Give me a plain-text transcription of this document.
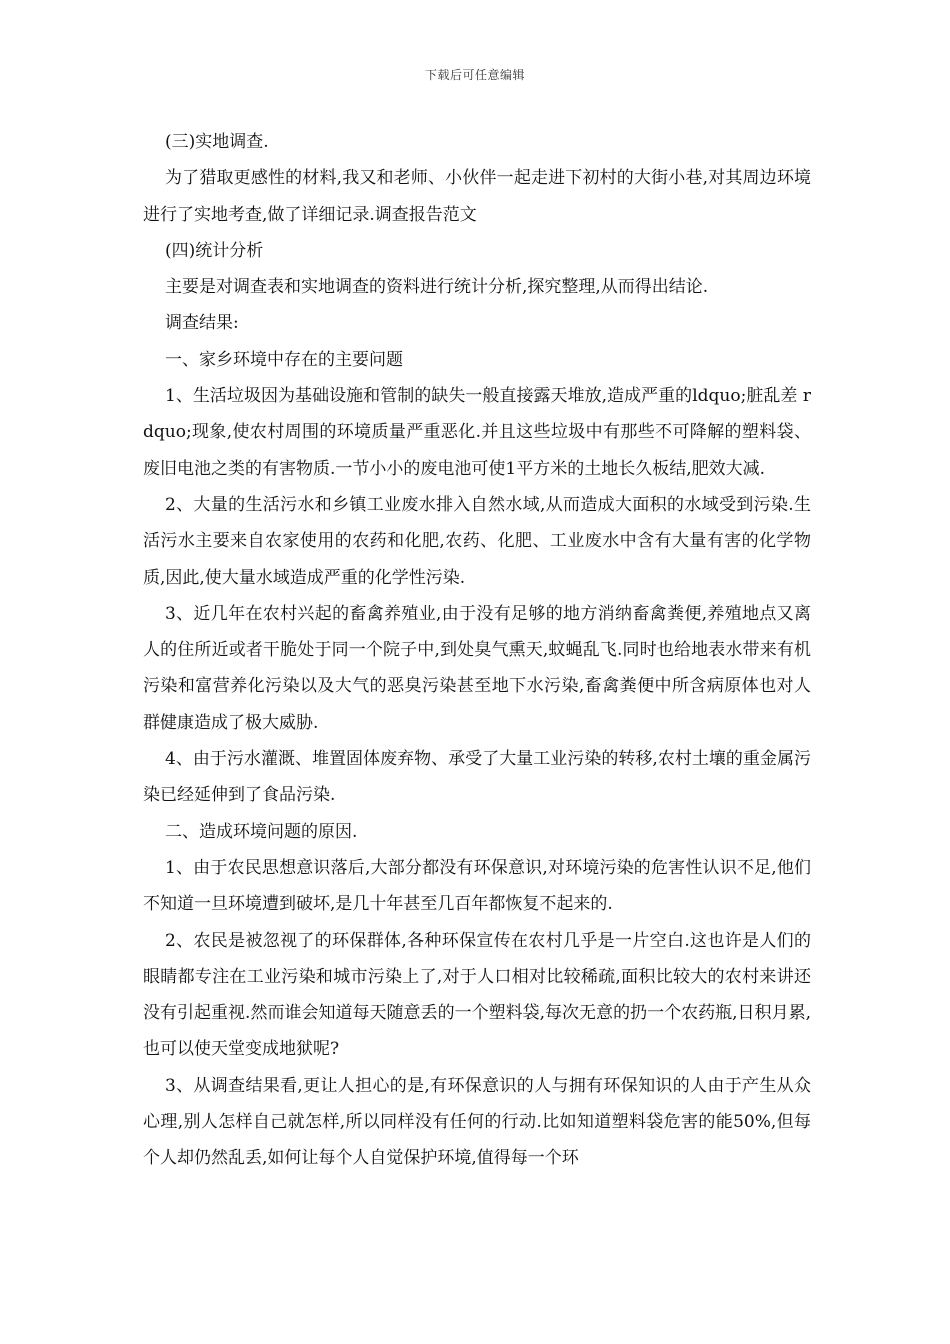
下载后可任意编辑

(三)实地调查.

为了猎取更感性的材料,我又和老师、小伙伴一起走进下初村的大街小巷,对其周边环境进行了实地考查,做了详细记录.调查报告范文

(四)统计分析

主要是对调查表和实地调查的资料进行统计分析,探究整理,从而得出结论.

调查结果:

一、家乡环境中存在的主要问题

1、生活垃圾因为基础设施和管制的缺失一般直接露天堆放,造成严重的ldquo;脏乱差 rdquo;现象,使农村周围的环境质量严重恶化.并且这些垃圾中有那些不可降解的塑料袋、废旧电池之类的有害物质.一节小小的废电池可使1平方米的土地长久板结,肥效大减.

2、大量的生活污水和乡镇工业废水排入自然水域,从而造成大面积的水域受到污染.生活污水主要来自农家使用的农药和化肥,农药、化肥、工业废水中含有大量有害的化学物质,因此,使大量水域造成严重的化学性污染.

3、近几年在农村兴起的畜禽养殖业,由于没有足够的地方消纳畜禽粪便,养殖地点又离人的住所近或者干脆处于同一个院子中,到处臭气熏天,蚊蝇乱飞.同时也给地表水带来有机污染和富营养化污染以及大气的恶臭污染甚至地下水污染,畜禽粪便中所含病原体也对人群健康造成了极大威胁.

4、由于污水灌溉、堆置固体废弃物、承受了大量工业污染的转移,农村土壤的重金属污染已经延伸到了食品污染.

二、造成环境问题的原因.

1、由于农民思想意识落后,大部分都没有环保意识,对环境污染的危害性认识不足,他们不知道一旦环境遭到破坏,是几十年甚至几百年都恢复不起来的.

2、农民是被忽视了的环保群体,各种环保宣传在农村几乎是一片空白.这也许是人们的眼睛都专注在工业污染和城市污染上了,对于人口相对比较稀疏,面积比较大的农村来讲还没有引起重视.然而谁会知道每天随意丢的一个塑料袋,每次无意的扔一个农药瓶,日积月累,也可以使天堂变成地狱呢?

3、从调查结果看,更让人担心的是,有环保意识的人与拥有环保知识的人由于产生从众心理,别人怎样自己就怎样,所以同样没有任何的行动.比如知道塑料袋危害的能50%,但每个人却仍然乱丢,如何让每个人自觉保护环境,值得每一个环
